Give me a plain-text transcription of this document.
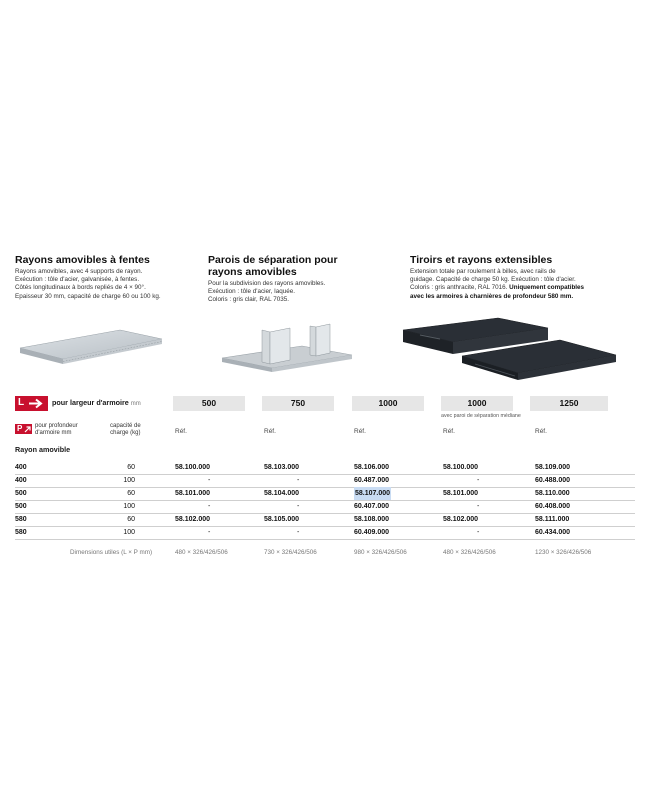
Rayons amovibles à fentes
Rayons amovibles, avec 4 supports de rayon.
Exécution : tôle d'acier, galvanisée, à fentes.
Côtés longitudinaux à bords repliés de 4 × 90°.
Epaisseur 30 mm, capacité de charge 60 ou 100 kg.
Parois de séparation pour
rayons amovibles
Pour la subdivision des rayons amovibles.
Exécution : tôle d'acier, laquée.
Coloris : gris clair, RAL 7035.
Tiroirs et rayons extensibles
Extension totale par roulement à billes, avec rails de
guidage. Capacité de charge 50 kg. Exécution : tôle d'acier.
Coloris : gris anthracite, RAL 7016. Uniquement compatibles
avec les armoires à charnières de profondeur 580 mm.
L	pour largeur d'armoire mm	500	750	1000	1000	1250
avec paroi de séparation médiane
P pour profondeur
d'armoire mm
capacité de
charge (kg)	Réf.	Réf.	Réf.	Réf.	Réf.
Rayon amovible
400	60	58.100.000	58.103.000	58.106.000	58.100.000	58.109.000
400	100	-	-	60.487.000	-	60.488.000
500	60	58.101.000	58.104.000	58.107.000	58.101.000	58.110.000
500	100	-	-	60.407.000	-	60.408.000
580	60	58.102.000	58.105.000	58.108.000	58.102.000	58.111.000
580	100	-	-	60.409.000	-	60.434.000
Dimensions utiles (L × P mm)	480 × 326/426/506	730 × 326/426/506	980 × 326/426/506	480 × 326/426/506	1230 × 326/426/506
